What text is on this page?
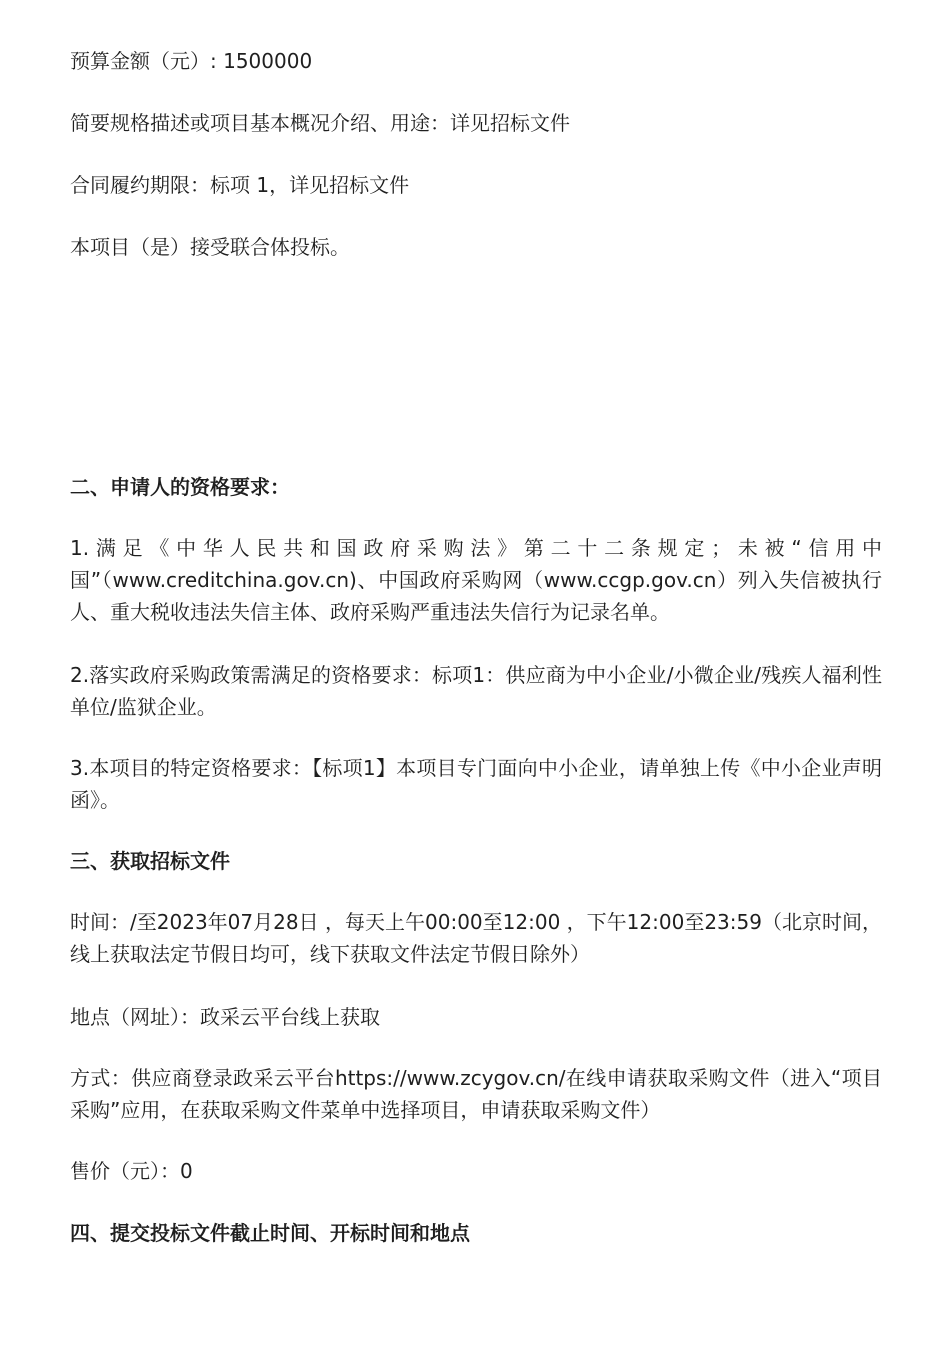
预算金额（元）: 1500000
简要规格描述或项目基本概况介绍、用途：详见招标文件
合同履约期限：标项 1，详见招标文件
本项目（是）接受联合体投标。
二、申请人的资格要求：
1.满足《中华人民共和国政府采购法》第二十二条规定；未被“信用中国”（www.creditchina.gov.cn)、中国政府采购网（www.ccgp.gov.cn）列入失信被执行人、重大税收违法失信主体、政府采购严重违法失信行为记录名单。
2.落实政府采购政策需满足的资格要求：标项1：供应商为中小企业/小微企业/残疾人福利性单位/监狱企业。
3.本项目的特定资格要求：【标项1】本项目专门面向中小企业，请单独上传《中小企业声明函》。
三、获取招标文件
时间：/至2023年07月28日 ，每天上午00:00至12:00 ，下午12:00至23:59（北京时间，线上获取法定节假日均可，线下获取文件法定节假日除外）
地点（网址）：政采云平台线上获取
方式：供应商登录政采云平台https://www.zcygov.cn/在线申请获取采购文件（进入“项目采购”应用，在获取采购文件菜单中选择项目，申请获取采购文件）
售价（元）：0
四、提交投标文件截止时间、开标时间和地点
